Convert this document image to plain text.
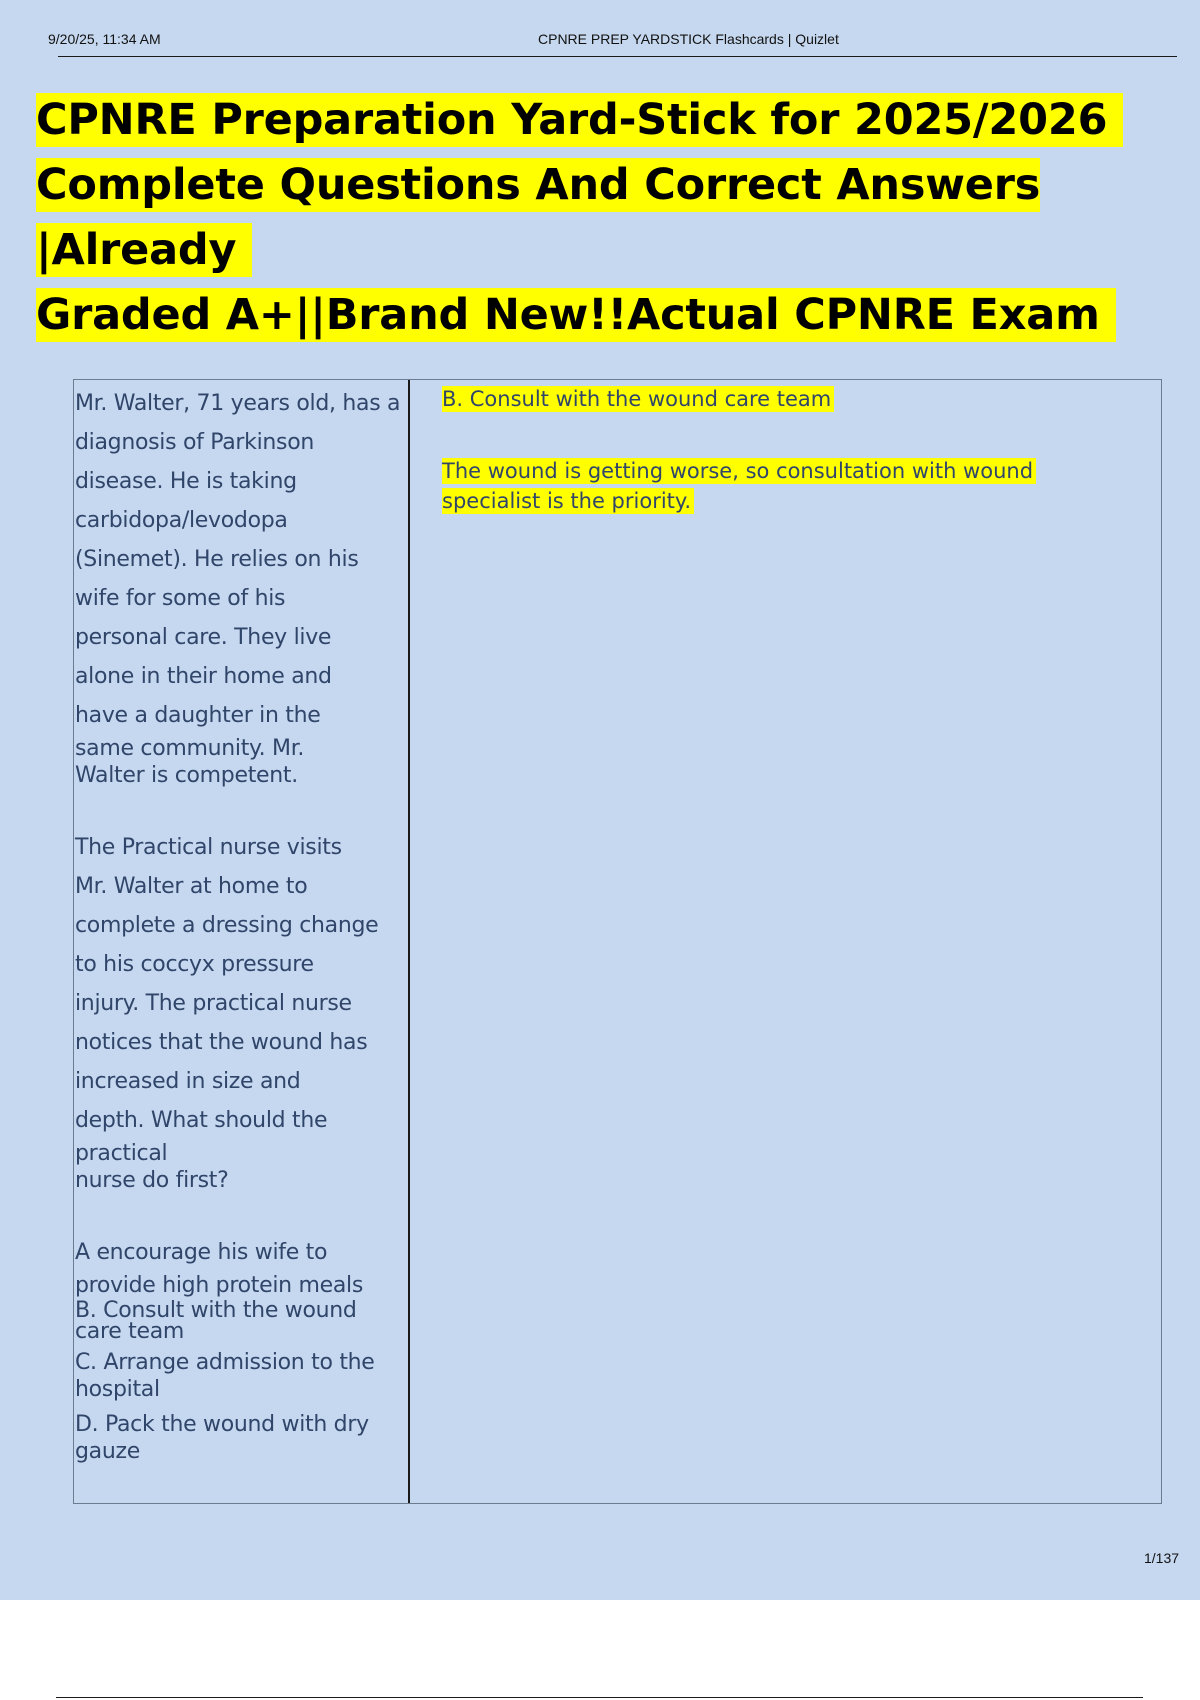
9/20/25, 11:34 AM	CPNRE PREP YARDSTICK Flashcards | Quizlet
CPNRE Preparation Yard-Stick for 2025/2026
Complete Questions And Correct Answers |Already
Graded A+||Brand New!!Actual CPNRE Exam

Mr. Walter, 71 years old, has a

diagnosis of Parkinson

disease. He is taking

carbidopa/levodopa

(Sinemet). He relies on his

wife for some of his

personal care. They live

alone in their home and

have a daughter in the

same community. Mr.

Walter is competent.

The Practical nurse visits

Mr. Walter at home to

complete a dressing change

to his coccyx pressure

injury. The practical nurse

notices that the wound has

increased in size and

depth. What should the

practical

nurse do first?

A encourage his wife to

provide high protein meals

B. Consult with the wound

care team

C. Arrange admission to the

hospital

D. Pack the wound with dry

gauze

B. Consult with the wound care team
The wound is getting worse, so consultation with wound
specialist is the priority.
1/137
